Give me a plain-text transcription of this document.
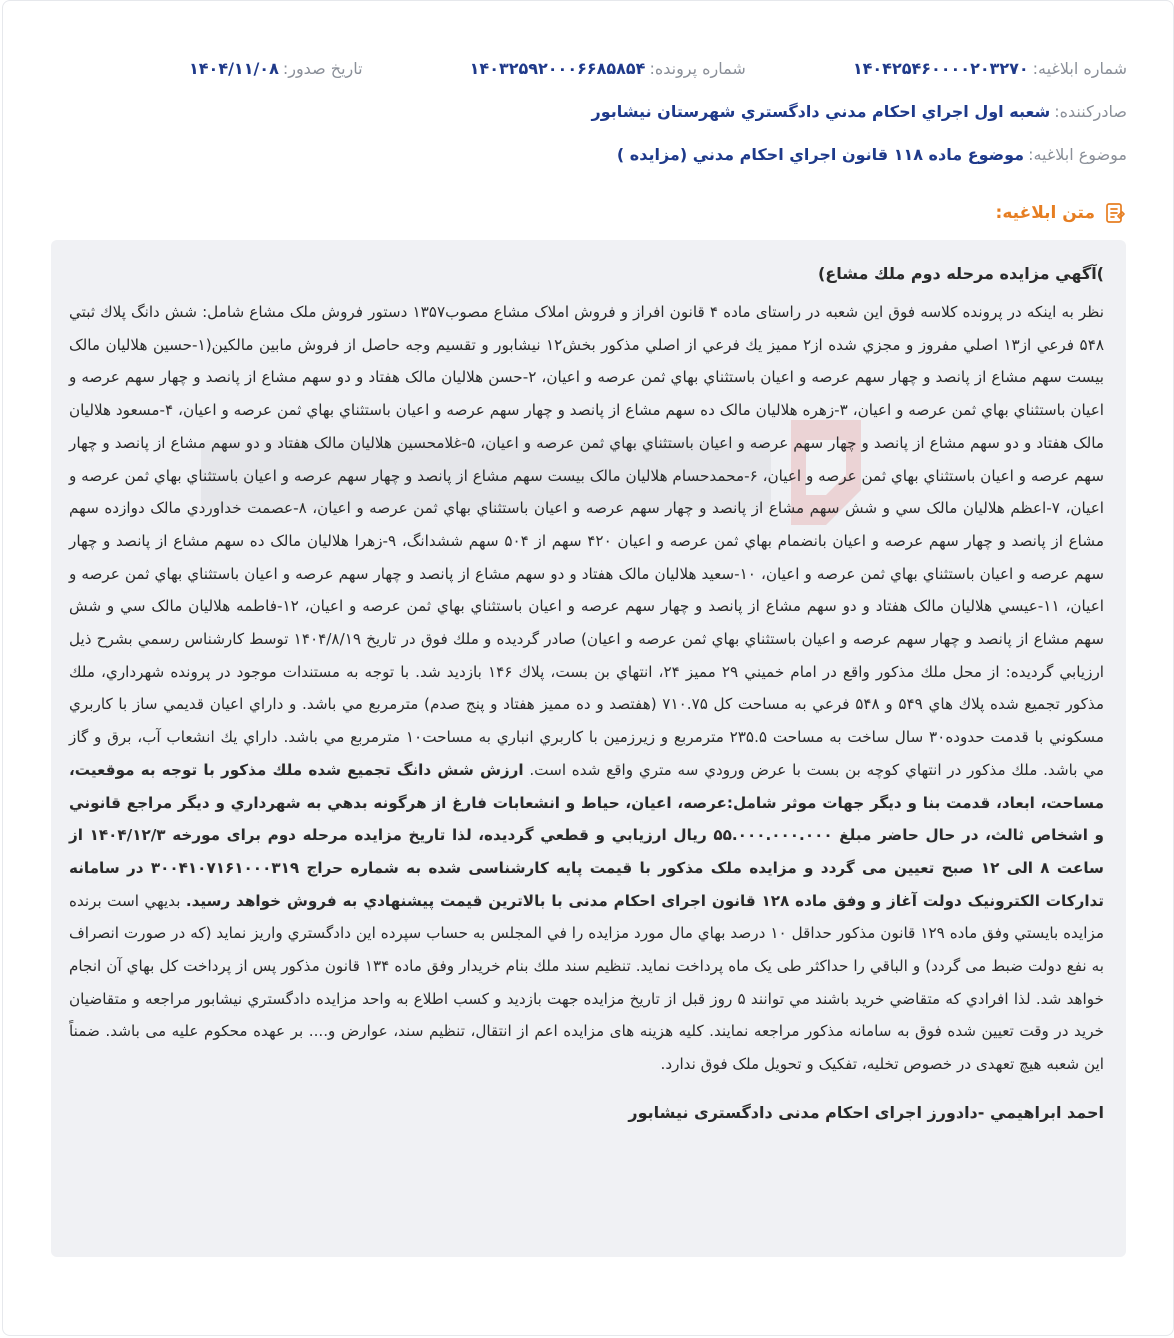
شماره ابلاغیه:
۱۴۰۴۲۵۴۶۰۰۰۰۲۰۳۲۷۰
شماره پرونده:
۱۴۰۳۲۵۹۲۰۰۰۶۶۸۵۸۵۴
تاریخ صدور:
۱۴۰۴/۱۱/۰۸
صادرکننده:
شعبه اول اجراي احكام مدني دادگستري شهرستان نيشابور
موضوع ابلاغیه:
موضوع ماده ۱۱۸ قانون اجراي احكام مدني (مزايده )
متن ابلاغیه:

)آگهي مزايده مرحله دوم ملك مشاع)

نظر به اينكه در پرونده كلاسه فوق اين شعبه در راستاى ماده ۴ قانون افراز و فروش املاک مشاع مصوب۱۳۵۷ دستور فروش ملک مشاع شامل: شش دانگ پلاك ثبتي ۵۴۸ فرعي از۱۳ اصلي مفروز و مجزي شده از۲ مميز يك فرعي از اصلي مذكور بخش۱۲ نيشابور و تقسيم وجه حاصل از فروش مابين مالكين(۱-حسين هلاليان مالک بيست سهم مشاع از پانصد و چهار سهم عرصه و اعيان باستثناي بهاي ثمن عرصه و اعيان، ۲-حسن هلاليان مالک هفتاد و دو سهم مشاع از پانصد و چهار سهم عرصه و اعيان باستثناي بهاي ثمن عرصه و اعيان، ۳-زهره هلاليان مالک ده سهم مشاع از پانصد و چهار سهم عرصه و اعيان باستثناي بهاي ثمن عرصه و اعيان، ۴-مسعود هلاليان مالک هفتاد و دو سهم مشاع از پانصد و چهار سهم عرصه و اعيان باستثناي بهاي ثمن عرصه و اعيان، ۵-غلامحسين هلاليان مالک هفتاد و دو سهم مشاع از پانصد و چهار سهم عرصه و اعيان باستثناي بهاي ثمن عرصه و اعيان، ۶-محمدحسام هلاليان مالک بيست سهم مشاع از پانصد و چهار سهم عرصه و اعيان باستثناي بهاي ثمن عرصه و اعيان، ۷-اعظم هلاليان مالک سي و شش سهم مشاع از پانصد و چهار سهم عرصه و اعيان باستثناي بهاي ثمن عرصه و اعيان، ۸-عصمت خداوردي مالک دوازده سهم مشاع از پانصد و چهار سهم عرصه و اعيان بانضمام بهاي ثمن عرصه و اعيان ۴۲۰ سهم از ۵۰۴ سهم ششدانگ، ۹-زهرا هلاليان مالک ده سهم مشاع از پانصد و چهار سهم عرصه و اعيان باستثناي بهاي ثمن عرصه و اعيان، ۱۰-سعيد هلاليان مالک هفتاد و دو سهم مشاع از پانصد و چهار سهم عرصه و اعيان باستثناي بهاي ثمن عرصه و اعيان، ۱۱-عيسي هلاليان مالک هفتاد و دو سهم مشاع از پانصد و چهار سهم عرصه و اعيان باستثناي بهاي ثمن عرصه و اعيان، ۱۲-فاطمه هلاليان مالک سي و شش سهم مشاع از پانصد و چهار سهم عرصه و اعيان باستثناي بهاي ثمن عرصه و اعيان) صادر گرديده و ملك فوق در تاريخ ۱۴۰۴/۸/۱۹ توسط كارشناس رسمي بشرح ذيل ارزيابي گرديده: از محل ملك مذكور واقع در امام خميني ۲۹ مميز ۲۴، انتهاي بن بست، پلاك ۱۴۶ بازديد شد. با توجه به مستندات موجود در پرونده شهرداري، ملك مذكور تجميع شده پلاك هاي ۵۴۹ و ۵۴۸ فرعي به مساحت كل ۷۱۰.۷۵ (هفتصد و ده مميز هفتاد و پنج صدم) مترمربع مي باشد. و داراي اعيان قديمي ساز با كاربري مسكوني با قدمت حدوده۳۰ سال ساخت به مساحت ۲۳۵.۵ مترمربع و زيرزمين با كاربري انباري به مساحت۱۰ مترمربع مي باشد. داراي يك انشعاب آب، برق و گاز مي باشد. ملك مذكور در انتهاي كوچه بن بست با عرض ورودي سه متري واقع شده است. ارزش شش دانگ تجميع شده ملك مذكور با توجه به موقعيت، مساحت، ابعاد، قدمت بنا و ديگر جهات موثر شامل:عرصه، اعيان، حياط و انشعابات فارغ از هرگونه بدهي به شهرداري و ديگر مراجع قانوني و اشخاص ثالث، در حال حاضر مبلغ ۵۵.۰۰۰.۰۰۰.۰۰۰ ريال ارزيابي و قطعي گرديده، لذا تاریخ مزایده مرحله دوم براى مورخه ۱۴۰۴/۱۲/۳ از ساعت ۸ الی ۱۲ صبح تعیین می گردد و مزایده ملک مذکور با قیمت پایه کارشناسی شده به شماره حراج ۳۰۰۴۱۰۷۱۶۱۰۰۰۳۱۹ در سامانه تدارکات الکترونیک دولت آغاز و وفق ماده ۱۲۸ قانون اجرای احکام مدنی با بالاترین قیمت پیشنهادي به فروش خواهد رسيد. بديهي است برنده مزايده بايستي وفق ماده ۱۲۹ قانون مذکور حداقل ۱۰ درصد بهاي مال مورد مزايده را في المجلس به حساب سپرده اين دادگستري واريز نمايد (که در صورت انصراف به نفع دولت ضبط مى گردد) و الباقي را حداكثر طى یک ماه پرداخت نماید. تنظيم سند ملك بنام خريدار وفق ماده ۱۳۴ قانون مذكور پس از پرداخت كل بهاي آن انجام خواهد شد. لذا افرادي كه متقاضي خريد باشند مي توانند ۵ روز قبل از تاريخ مزايده جهت بازديد و كسب اطلاع به واحد مزايده دادگستري نيشابور مراجعه و متقاضيان خريد در وقت تعيين شده فوق به سامانه مذکور مراجعه نمايند. كليه هزينه هاى مزايده اعم از انتقال، تنظيم سند، عوارض و.... بر عهده محكوم عليه مى باشد. ضمناً اين شعبه هيچ تعهدى در خصوص تخليه، تفکیک و تحويل ملک فوق ندارد.

احمد ابراهيمي -دادورز اجرای احکام مدنی دادگستری نيشابور
